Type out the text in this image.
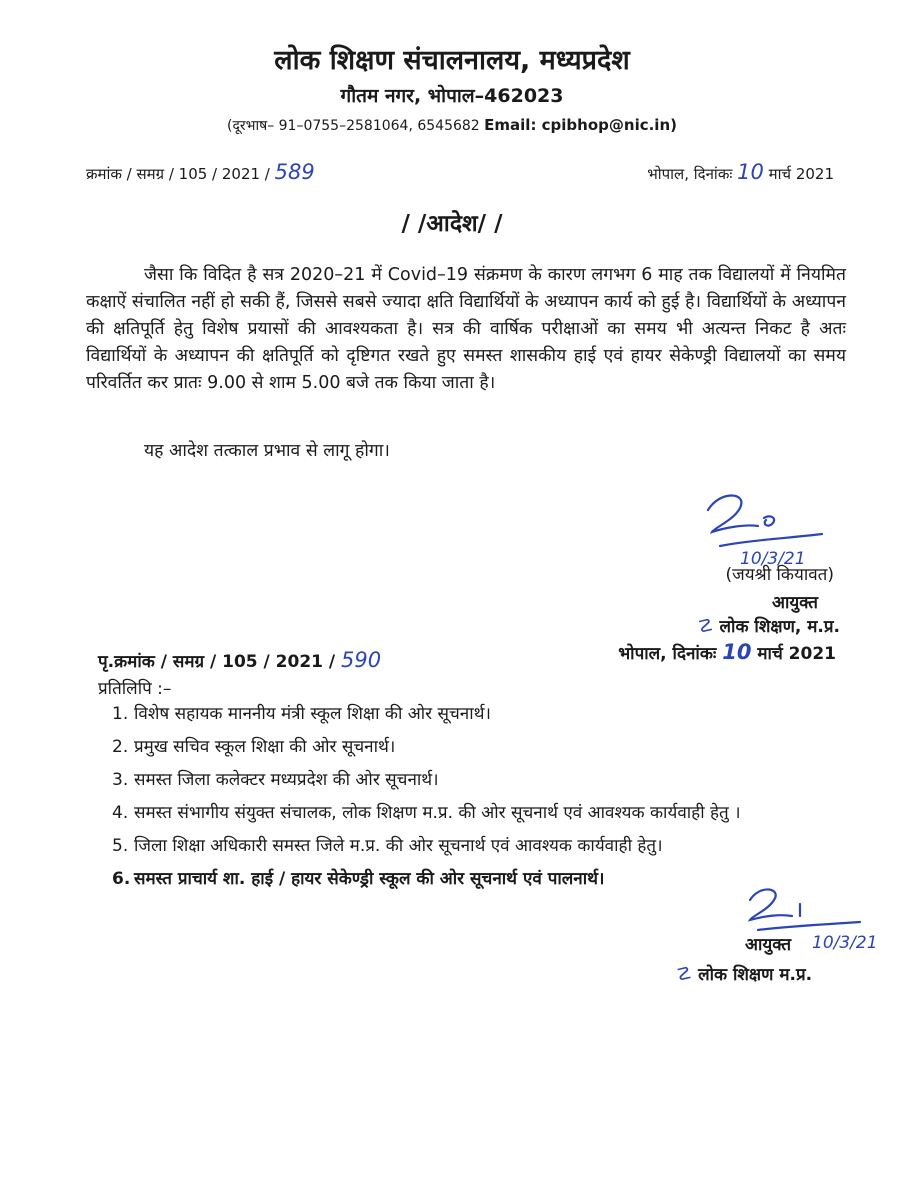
लोक शिक्षण संचालनालय, मध्यप्रदेश
गौतम नगर, भोपाल–462023
(दूरभाष– 91–0755–2581064, 6545682 Email: cpibhop@nic.in)
क्रमांक / समग्र / 105 / 2021 / 589	भोपाल, दिनांकः 10 मार्च 2021
/ /आदेश/ /
जैसा कि विदित है सत्र 2020–21 में Covid–19 संक्रमण के कारण लगभग 6 माह तक विद्यालयों में नियमित कक्षाऐं संचालित नहीं हो सकी हैं, जिससे सबसे ज्यादा क्षति विद्यार्थियों के अध्यापन कार्य को हुई है। विद्यार्थियों के अध्यापन की क्षतिपूर्ति हेतु विशेष प्रयासों की आवश्यकता है। सत्र की वार्षिक परीक्षाओं का समय भी अत्यन्त निकट है अतः विद्यार्थियों के अध्यापन की क्षतिपूर्ति को दृष्टिगत रखते हुए समस्त शासकीय हाई एवं हायर सेकेण्ड्री विद्यालयों का समय परिवर्तित कर प्रातः 9.00 से शाम 5.00 बजे तक किया जाता है।
यह आदेश तत्काल प्रभाव से लागू होगा।
10/3/21
(जयश्री कियावत)
आयुक्त
☡ लोक शिक्षण, म.प्र.
भोपाल, दिनांकः 10 मार्च 2021
पृ.क्रमांक / समग्र / 105 / 2021 / 590
प्रतिलिपि :–
1. विशेष सहायक माननीय मंत्री स्कूल शिक्षा की ओर सूचनार्थ।
2. प्रमुख सचिव स्कूल शिक्षा की ओर सूचनार्थ।
3. समस्त जिला कलेक्टर मध्यप्रदेश की ओर सूचनार्थ।
4. समस्त संभागीय संयुक्त संचालक, लोक शिक्षण म.प्र. की ओर सूचनार्थ एवं आवश्यक कार्यवाही हेतु ।
5. जिला शिक्षा अधिकारी समस्त जिले म.प्र. की ओर सूचनार्थ एवं आवश्यक कार्यवाही हेतु।
6. समस्त प्राचार्य शा. हाई / हायर सेकेण्ड्री स्कूल की ओर सूचनार्थ एवं पालनार्थ।
10/3/21
आयुक्त
☡ लोक शिक्षण म.प्र.
